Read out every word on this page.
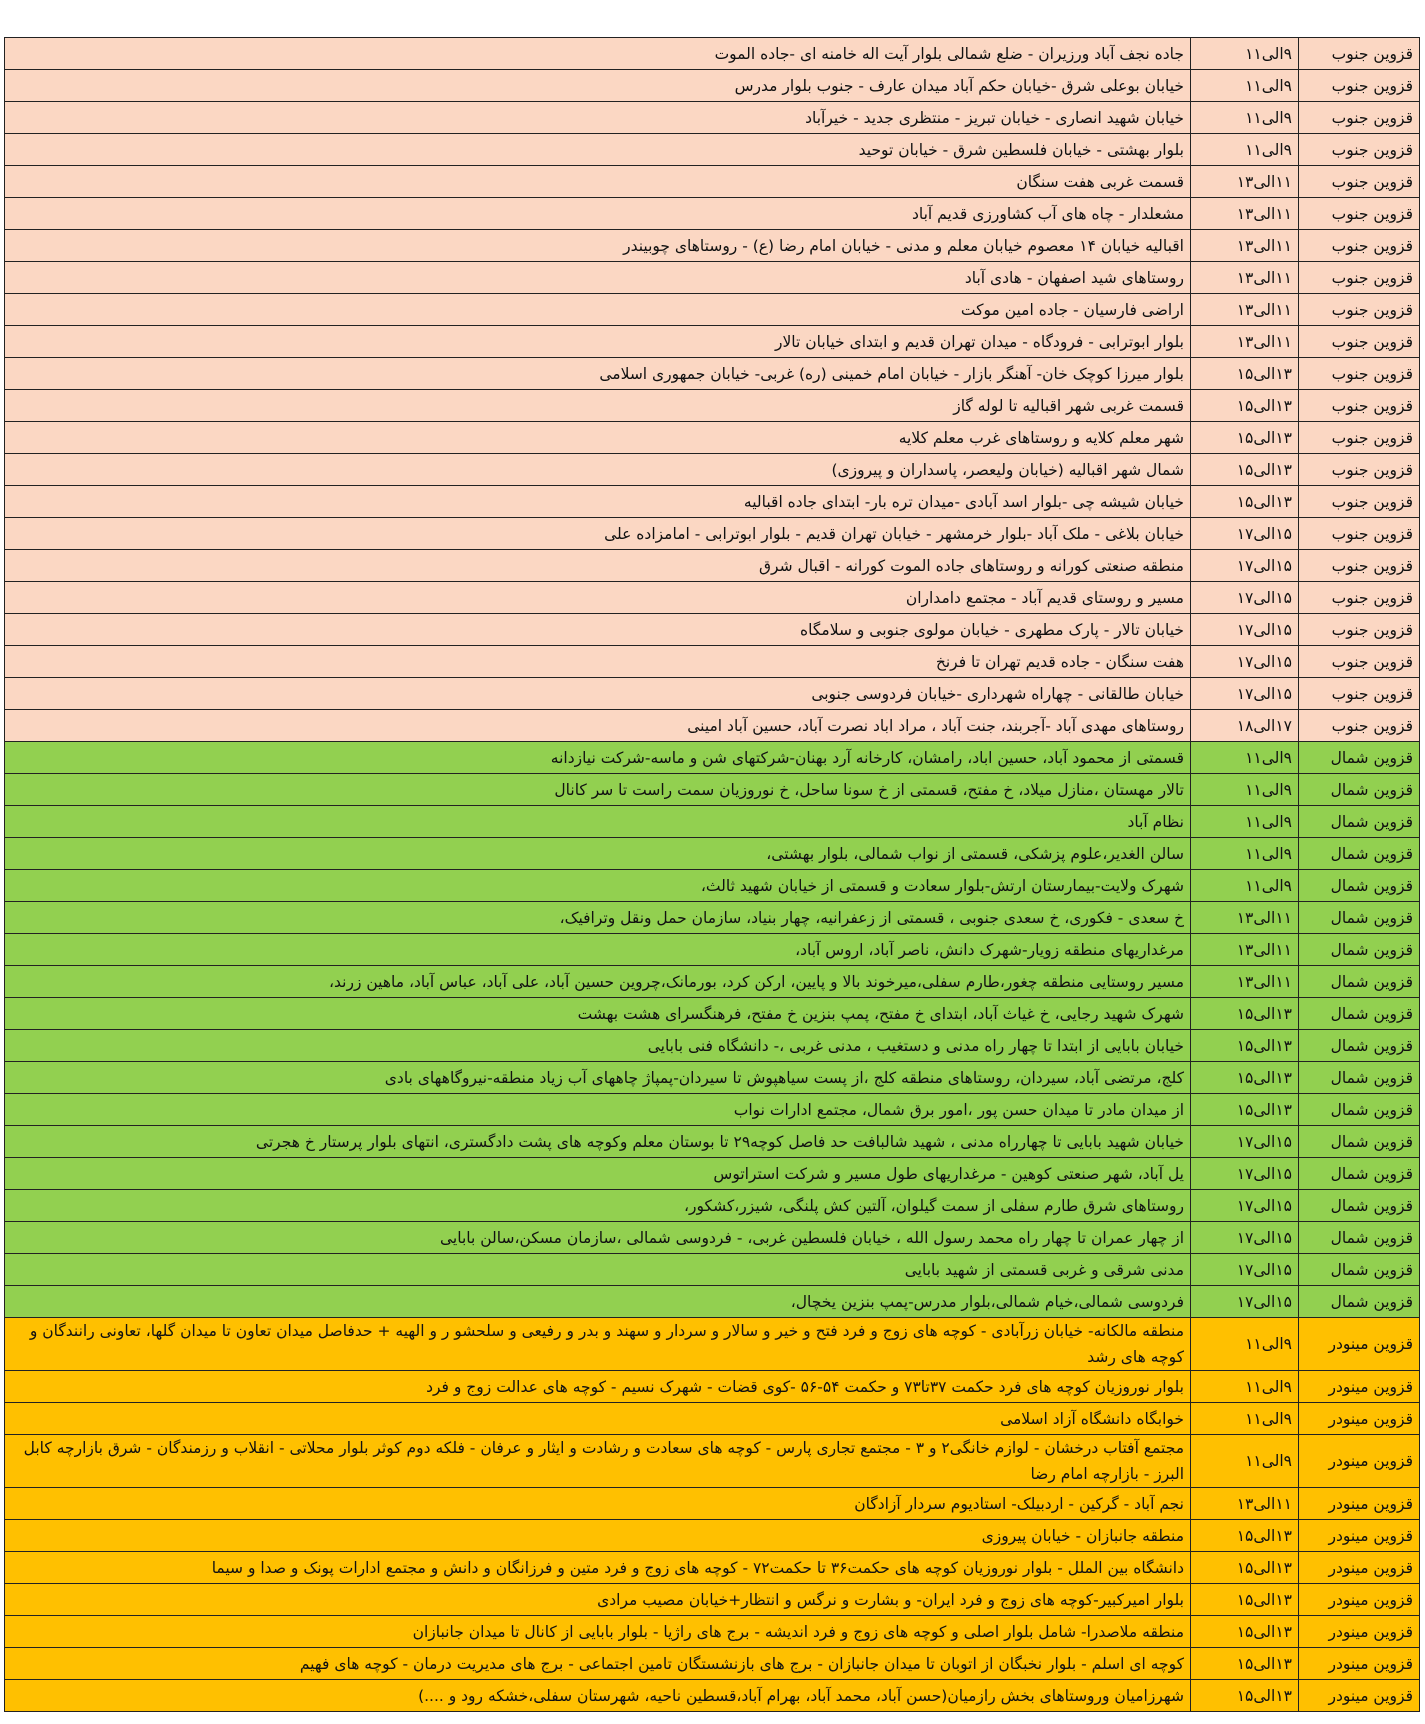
قزوین جنوب	۹الی۱۱	جاده نجف آباد ورزیران - ضلع شمالی بلوار آیت اله خامنه ای -جاده الموت
قزوین جنوب	۹الی۱۱	خیابان بوعلی شرق -خیابان حکم آباد میدان عارف - جنوب بلوار مدرس
قزوین جنوب	۹الی۱۱	خیابان شهید انصاری - خیابان تبریز - منتظری جدید - خیرآباد
قزوین جنوب	۹الی۱۱	بلوار بهشتی - خیابان فلسطین شرق - خیابان توحید
قزوین جنوب	۱۱الی۱۳	قسمت غربی هفت سنگان
قزوین جنوب	۱۱الی۱۳	مشعلدار - چاه های آب کشاورزی قدیم آباد
قزوین جنوب	۱۱الی۱۳	اقبالیه خیابان ۱۴ معصوم خیابان معلم و مدنی - خیابان امام رضا (ع) - روستاهای چوبیندر
قزوین جنوب	۱۱الی۱۳	روستاهای شید اصفهان - هادی آباد
قزوین جنوب	۱۱الی۱۳	اراضی فارسیان - جاده امین موکت
قزوین جنوب	۱۱الی۱۳	بلوار ابوترابی - فرودگاه - میدان تهران قدیم و ابتدای خیابان تالار
قزوین جنوب	۱۳الی۱۵	بلوار میرزا کوچک خان- آهنگر بازار - خیابان امام خمینی (ره) غربی- خیابان جمهوری اسلامی
قزوین جنوب	۱۳الی۱۵	قسمت غربی شهر اقبالیه تا لوله گاز
قزوین جنوب	۱۳الی۱۵	شهر معلم کلایه و روستاهای غرب معلم کلایه
قزوین جنوب	۱۳الی۱۵	شمال شهر اقبالیه (خیابان ولیعصر، پاسداران و پیروزی)
قزوین جنوب	۱۳الی۱۵	خیابان شیشه چی -بلوار اسد آبادی -میدان تره بار- ابتدای جاده اقبالیه
قزوین جنوب	۱۵الی۱۷	خیابان بلاغی - ملک آباد -بلوار خرمشهر - خیابان تهران قدیم - بلوار ابوترابی - امامزاده علی
قزوین جنوب	۱۵الی۱۷	منطقه صنعتی کورانه و روستاهای جاده الموت کورانه - اقبال شرق
قزوین جنوب	۱۵الی۱۷	مسیر و روستای قدیم آباد - مجتمع دامداران
قزوین جنوب	۱۵الی۱۷	خیابان تالار - پارک مطهری - خیابان مولوی جنوبی و سلامگاه
قزوین جنوب	۱۵الی۱۷	هفت سنگان - جاده قدیم تهران تا فرنخ
قزوین جنوب	۱۵الی۱۷	خیابان طالقانی - چهاراه شهرداری -خیابان فردوسی جنوبی
قزوین جنوب	۱۷الی۱۸	روستاهای مهدی آباد -آجربند، جنت آباد ، مراد اباد نصرت آباد، حسین آباد امینی
قزوین شمال	۹الی۱۱	قسمتی از محمود آباد، حسین اباد، رامشان، کارخانه آرد بهنان-شرکتهای شن و ماسه-شرکت نیازدانه
قزوین شمال	۹الی۱۱	تالار مهستان ،منازل میلاد، خ مفتح، قسمتی از خ سونا ساحل، خ نوروزیان سمت راست تا سر کانال
قزوین شمال	۹الی۱۱	نظام آباد
قزوین شمال	۹الی۱۱	سالن الغدیر،علوم پزشکی، قسمتی از نواب شمالی، بلوار بهشتی،
قزوین شمال	۹الی۱۱	شهرک ولایت-بیمارستان ارتش-بلوار سعادت و قسمتی از خیابان شهید ثالث،
قزوین شمال	۱۱الی۱۳	خ سعدی - فکوری، خ سعدی جنوبی ، قسمتی از زعفرانیه، چهار بنیاد، سازمان حمل ونقل وترافیک،
قزوین شمال	۱۱الی۱۳	مرغداریهای منطقه زویار-شهرک دانش، ناصر آباد، اروس آباد،
قزوین شمال	۱۱الی۱۳	مسیر روستایی منطقه چغور،طارم سفلی،میرخوند بالا و پایین، ارکن کرد، بورمانک،چروین حسین آباد، علی آباد، عباس آباد، ماهین زرند،
قزوین شمال	۱۳الی۱۵	شهرک شهید رجایی، خ غیاث آباد، ابتدای خ مفتح، پمپ بنزین خ مفتح، فرهنگسرای هشت بهشت
قزوین شمال	۱۳الی۱۵	خیابان بابایی از ابتدا تا چهار راه مدنی و دستغیب ، مدنی غربی ،- دانشگاه فنی بابایی
قزوین شمال	۱۳الی۱۵	کلج، مرتضی آباد، سیردان، روستاهای منطقه کلج ،از پست سیاهپوش تا سیردان-پمپاژ چاههای آب زیاد منطقه-نیروگاههای بادی
قزوین شمال	۱۳الی۱۵	از میدان مادر تا میدان حسن پور ،امور برق شمال، مجتمع ادارات نواب
قزوین شمال	۱۵الی۱۷	خیابان شهید بابایی تا چهارراه مدنی ، شهید شالبافت حد فاصل کوچه۲۹ تا بوستان معلم وکوچه های پشت دادگستری، انتهای بلوار پرستار خ هجرتی
قزوین شمال	۱۵الی۱۷	یل آباد، شهر صنعتی کوهین - مرغداریهای طول مسیر و شرکت استراتوس
قزوین شمال	۱۵الی۱۷	روستاهای شرق طارم سفلی از سمت گیلوان، آلتین کش پلنگی، شیزر،کشکور،
قزوین شمال	۱۵الی۱۷	از چهار عمران تا چهار راه محمد رسول الله ، خیابان فلسطین غربی، - فردوسی شمالی ،سازمان مسکن،سالن بابایی
قزوین شمال	۱۵الی۱۷	مدنی شرقی و غربی قسمتی از شهید بابایی
قزوین شمال	۱۵الی۱۷	فردوسی شمالی،خیام شمالی،بلوار مدرس-پمپ بنزین یخچال،
قزوین مینودر	۹الی۱۱	منطقه مالکانه- خیابان زرآبادی - کوچه های زوج و فرد فتح و خیر و سالار و سردار و سهند و بدر و رفیعی و سلحشو ر و الهیه + حدفاصل میدان تعاون تا میدان گلها، تعاونی رانندگان و کوچه های رشد
قزوین مینودر	۹الی۱۱	بلوار نوروزیان کوچه های فرد حکمت ۳۷تا۷۳ و حکمت ۵۴-۵۶ -کوی قضات - شهرک نسیم - کوچه های عدالت زوج و فرد
قزوین مینودر	۹الی۱۱	خوابگاه دانشگاه آزاد اسلامی
قزوین مینودر	۹الی۱۱	مجتمع آفتاب درخشان - لوازم خانگی۲ و ۳ - مجتمع تجاری پارس - کوچه های سعادت و رشادت و ایثار و عرفان - فلکه دوم کوثر بلوار محلاتی - انقلاب و رزمندگان - شرق بازارچه کابل البرز - بازارچه امام رضا
قزوین مینودر	۱۱الی۱۳	نجم آباد - گرکین - اردبیلک- استادیوم سردار آزادگان
قزوین مینودر	۱۳الی۱۵	منطقه جانبازان - خیابان پیروزی
قزوین مینودر	۱۳الی۱۵	دانشگاه بین الملل - بلوار نوروزیان کوچه های حکمت۳۶ تا حکمت۷۲ - کوچه های زوج و فرد متین و فرزانگان و دانش و مجتمع ادارات پونک و صدا و سیما
قزوین مینودر	۱۳الی۱۵	بلوار امیرکبیر-کوچه های زوج و فرد ایران- و بشارت و نرگس و انتظار+خیابان مصیب مرادی
قزوین مینودر	۱۳الی۱۵	منطقه ملاصدرا- شامل بلوار اصلی و کوچه های زوج و فرد اندیشه - برج های راژیا - بلوار بابایی از کانال تا میدان جانبازان
قزوین مینودر	۱۳الی۱۵	کوچه ای اسلم - بلوار نخبگان از اتوبان تا میدان جانبازان - برج های بازنشستگان تامین اجتماعی - برج های مدیریت درمان - کوچه های فهیم
قزوین مینودر	۱۳الی۱۵	شهرزامیان وروستاهای بخش رازمیان(حسن آباد، محمد آباد، بهرام آباد،قسطین ناحیه، شهرستان سفلی،خشکه رود و ....)
